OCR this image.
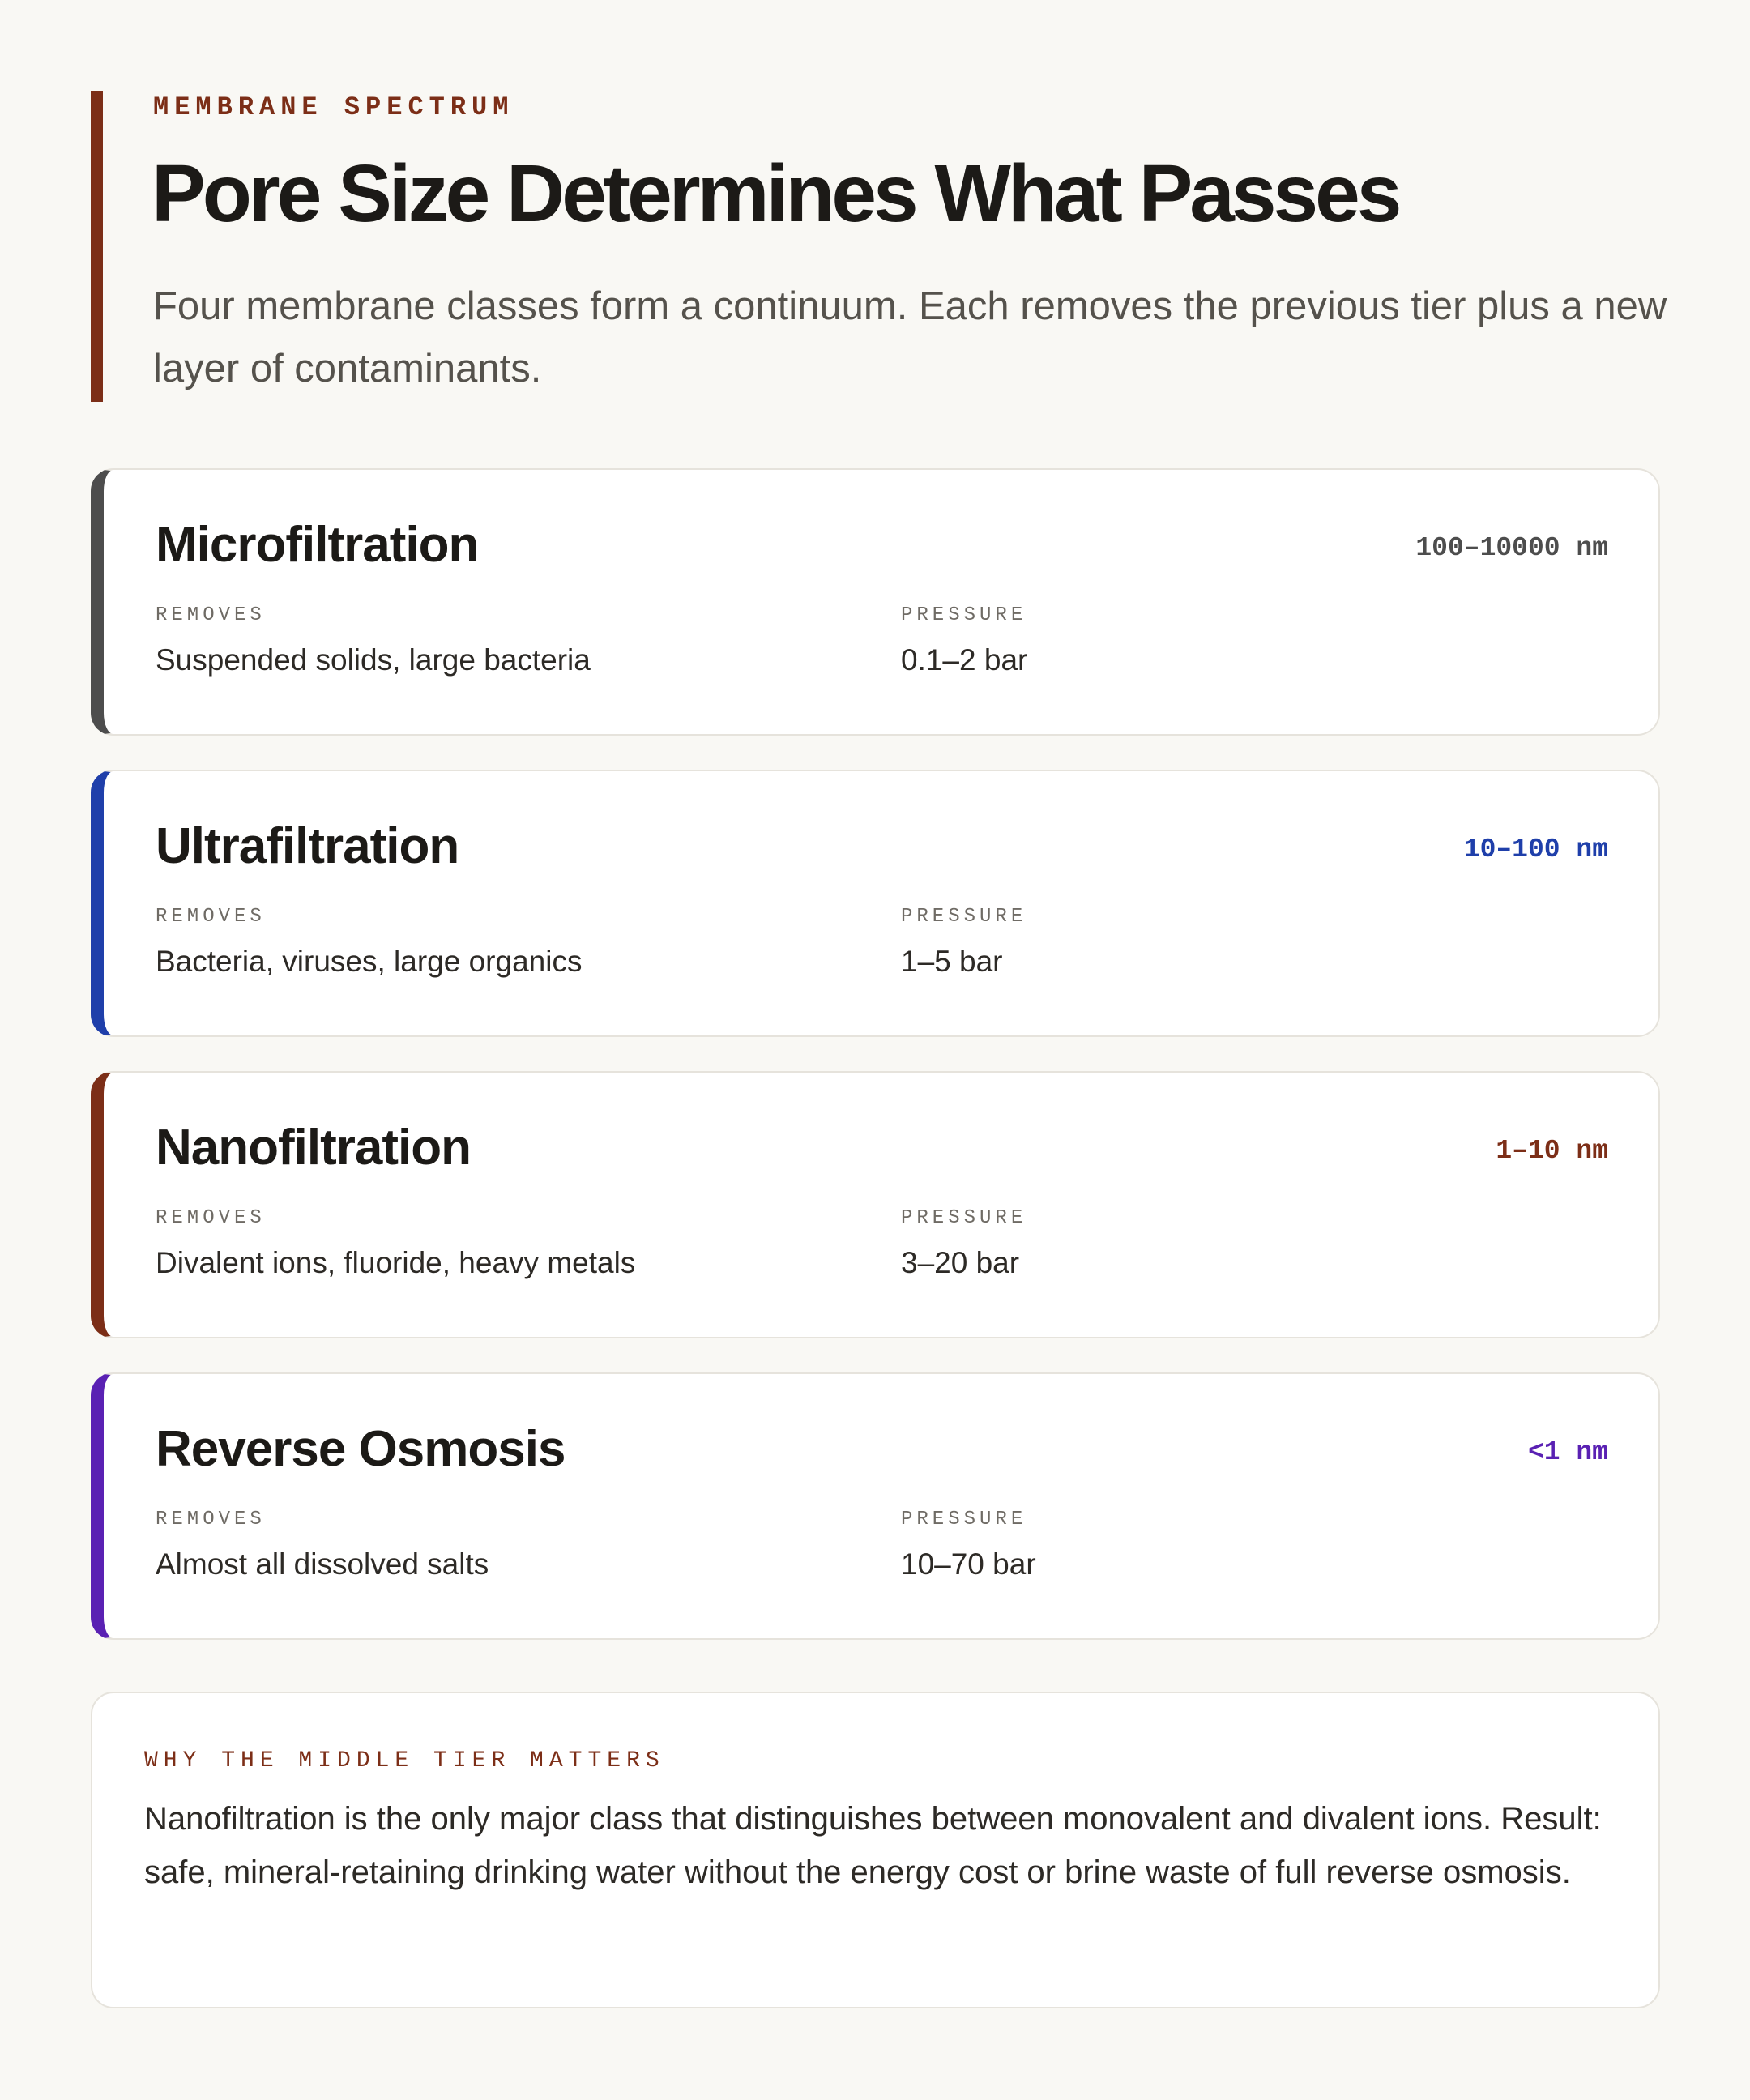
MEMBRANE SPECTRUM
Pore Size Determines What Passes

Four membrane classes form a continuum. Each removes the previous tier plus a new layer of contaminants.

Microfiltration	100–10000 nm
REMOVES
Suspended solids, large bacteria
PRESSURE
0.1–2 bar
Ultrafiltration	10–100 nm
REMOVES
Bacteria, viruses, large organics
PRESSURE
1–5 bar
Nanofiltration	1–10 nm
REMOVES
Divalent ions, fluoride, heavy metals
PRESSURE
3–20 bar
Reverse Osmosis	<1 nm
REMOVES
Almost all dissolved salts
PRESSURE
10–70 bar
WHY THE MIDDLE TIER MATTERS

Nanofiltration is the only major class that distinguishes between monovalent and divalent ions. Result: safe, mineral-retaining drinking water without the energy cost or brine waste of full reverse osmosis.
